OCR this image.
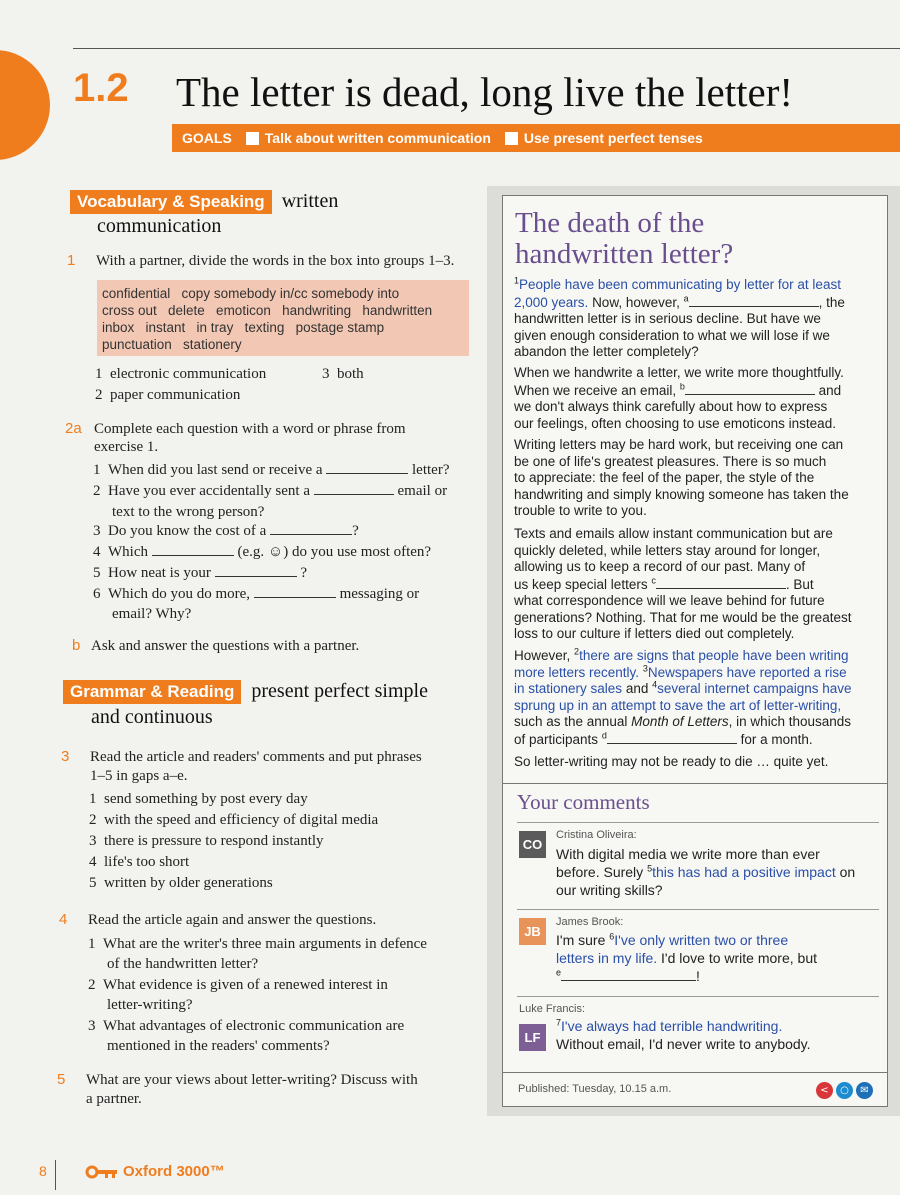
1.2 The letter is dead, long live the letter!
GOALS Talk about written communication Use present perfect tenses
Vocabulary & Speaking written
communication
1 With a partner, divide the words in the box into groups 1–3.
confidential   copy somebody in/cc somebody into
cross out   delete   emoticon   handwriting   handwritten
inbox   instant   in tray   texting   postage stamp
punctuation   stationery
1 electronic communication	3 both
2 paper communication
2a Complete each question with a word or phrase from
exercise 1.
1 When did you last send or receive a	letter?
2 Have you ever accidentally sent a	email or
text to the wrong person?
3 Do you know the cost of a	?
4 Which	(e.g. ☺) do you use most often?
5 How neat is your	?
6 Which do you do more,	messaging or
email? Why?
b Ask and answer the questions with a partner.
Grammar & Reading present perfect simple
and continuous
3 Read the article and readers' comments and put phrases
1–5 in gaps a–e.
1 send something by post every day
2 with the speed and efficiency of digital media
3 there is pressure to respond instantly
4 life's too short
5 written by older generations
4 Read the article again and answer the questions.
1 What are the writer's three main arguments in defence
of the handwritten letter?
2 What evidence is given of a renewed interest in
letter-writing?
3 What advantages of electronic communication are
mentioned in the readers' comments?
5 What are your views about letter-writing? Discuss with
a partner.
The death of the
handwritten letter?
$^1$People have been communicating by letter for at least
2,000 years. Now, however, $^a$	, the
handwritten letter is in serious decline. But have we
given enough consideration to what we will lose if we
abandon the letter completely?
When we handwrite a letter, we write more thoughtfully.
When we receive an email, $^b$	and
we don't always think carefully about how to express
our feelings, often choosing to use emoticons instead.
Writing letters may be hard work, but receiving one can
be one of life's greatest pleasures. There is so much
to appreciate: the feel of the paper, the style of the
handwriting and simply knowing someone has taken the
trouble to write to you.
Texts and emails allow instant communication but are
quickly deleted, while letters stay around for longer,
allowing us to keep a record of our past. Many of
us keep special letters $^c$	. But
what correspondence will we leave behind for future
generations? Nothing. That for me would be the greatest
loss to our culture if letters died out completely.
However, $^2$there are signs that people have been writing
more letters recently. $^3$Newspapers have reported a rise
in stationery sales and $^4$several internet campaigns have
sprung up in an attempt to save the art of letter-writing,
such as the annual Month of Letters, in which thousands
of participants $^d$	for a month.
So letter-writing may not be ready to die … quite yet.
Your comments
Cristina Oliveira:
CO
With digital media we write more than ever
before. Surely $^5$this has had a positive impact on
our writing skills?
James Brook:
JB
I'm sure $^6$I've only written two or three
letters in my life. I'd love to write more, but
$^e$	!
Luke Francis:
LF
$^7$I've always had terrible handwriting.
Without email, I'd never write to anybody.
Published: Tuesday, 10.15 a.m.	<	○	✉
8	Oxford 3000™
